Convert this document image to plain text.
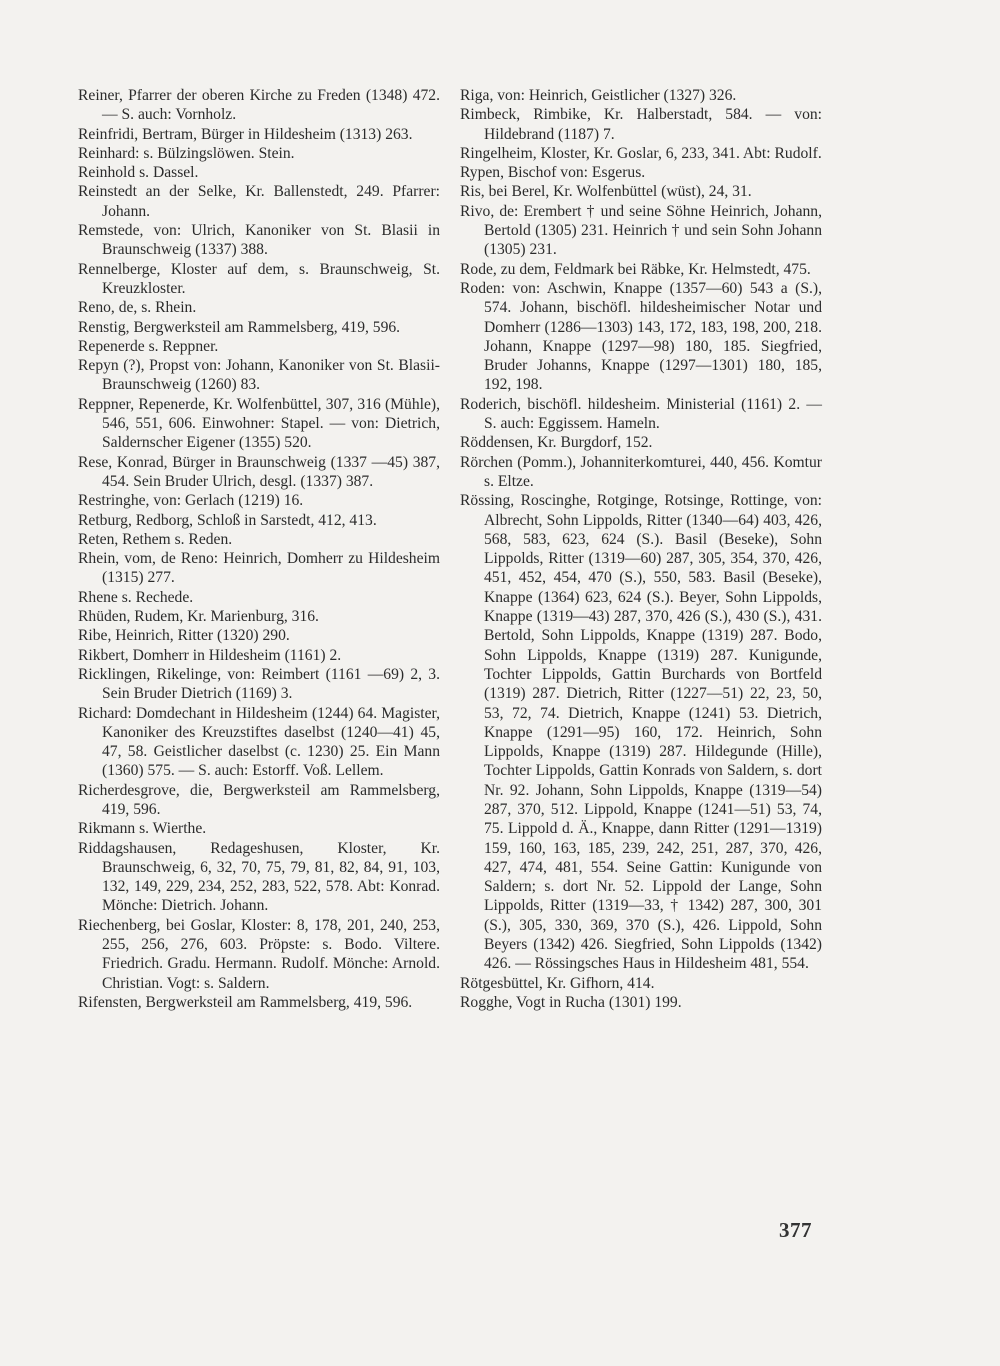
Reiner, Pfarrer der oberen Kirche zu Freden (1348) 472. — S. auch: Vornholz.

Reinfridi, Bertram, Bürger in Hildesheim (1313) 263.

Reinhard: s. Bülzingslöwen. Stein.

Reinhold s. Dassel.

Reinstedt an der Selke, Kr. Ballenstedt, 249. Pfarrer: Johann.

Remstede, von: Ulrich, Kanoniker von St. Blasii in Braunschweig (1337) 388.

Rennelberge, Kloster auf dem, s. Braunschweig, St. Kreuzkloster.

Reno, de, s. Rhein.

Renstig, Bergwerksteil am Rammelsberg, 419, 596.

Repenerde s. Reppner.

Repyn (?), Propst von: Johann, Kanoniker von St. Blasii-Braunschweig (1260) 83.

Reppner, Repenerde, Kr. Wolfenbüttel, 307, 316 (Mühle), 546, 551, 606. Einwohner: Stapel. — von: Dietrich, Saldernscher Eigener (1355) 520.

Rese, Konrad, Bürger in Braunschweig (1337 —45) 387, 454. Sein Bruder Ulrich, desgl. (1337) 387.

Restringhe, von: Gerlach (1219) 16.

Retburg, Redborg, Schloß in Sarstedt, 412, 413.

Reten, Rethem s. Reden.

Rhein, vom, de Reno: Heinrich, Domherr zu Hildesheim (1315) 277.

Rhene s. Rechede.

Rhüden, Rudem, Kr. Marienburg, 316.

Ribe, Heinrich, Ritter (1320) 290.

Rikbert, Domherr in Hildesheim (1161) 2.

Ricklingen, Rikelinge, von: Reimbert (1161 —69) 2, 3. Sein Bruder Dietrich (1169) 3.

Richard: Domdechant in Hildesheim (1244) 64. Magister, Kanoniker des Kreuzstiftes daselbst (1240—41) 45, 47, 58. Geistlicher daselbst (c. 1230) 25. Ein Mann (1360) 575. — S. auch: Estorff. Voß. Lellem.

Richerdesgrove, die, Bergwerksteil am Rammelsberg, 419, 596.

Rikmann s. Wierthe.

Riddagshausen, Redageshusen, Kloster, Kr. Braunschweig, 6, 32, 70, 75, 79, 81, 82, 84, 91, 103, 132, 149, 229, 234, 252, 283, 522, 578. Abt: Konrad. Mönche: Dietrich. Johann.

Riechenberg, bei Goslar, Kloster: 8, 178, 201, 240, 253, 255, 256, 276, 603. Pröpste: s. Bodo. Viltere. Friedrich. Gradu. Hermann. Rudolf. Mönche: Arnold. Christian. Vogt: s. Saldern.

Rifensten, Bergwerksteil am Rammelsberg, 419, 596.

Riga, von: Heinrich, Geistlicher (1327) 326.

Rimbeck, Rimbike, Kr. Halberstadt, 584. — von: Hildebrand (1187) 7.

Ringelheim, Kloster, Kr. Goslar, 6, 233, 341. Abt: Rudolf.

Rypen, Bischof von: Esgerus.

Ris, bei Berel, Kr. Wolfenbüttel (wüst), 24, 31.

Rivo, de: Erembert † und seine Söhne Heinrich, Johann, Bertold (1305) 231. Heinrich † und sein Sohn Johann (1305) 231.

Rode, zu dem, Feldmark bei Räbke, Kr. Helmstedt, 475.

Roden: von: Aschwin, Knappe (1357—60) 543 a (S.), 574. Johann, bischöfl. hildesheimischer Notar und Domherr (1286—1303) 143, 172, 183, 198, 200, 218. Johann, Knappe (1297—98) 180, 185. Siegfried, Bruder Johanns, Knappe (1297—1301) 180, 185, 192, 198.

Roderich, bischöfl. hildesheim. Ministerial (1161) 2. — S. auch: Eggissem. Hameln.

Röddensen, Kr. Burgdorf, 152.

Rörchen (Pomm.), Johanniterkomturei, 440, 456. Komtur s. Eltze.

Rössing, Roscinghe, Rotginge, Rotsinge, Rottinge, von: Albrecht, Sohn Lippolds, Ritter (1340—64) 403, 426, 568, 583, 623, 624 (S.). Basil (Beseke), Sohn Lippolds, Ritter (1319—60) 287, 305, 354, 370, 426, 451, 452, 454, 470 (S.), 550, 583. Basil (Beseke), Knappe (1364) 623, 624 (S.). Beyer, Sohn Lippolds, Knappe (1319—43) 287, 370, 426 (S.), 430 (S.), 431. Bertold, Sohn Lippolds, Knappe (1319) 287. Bodo, Sohn Lippolds, Knappe (1319) 287. Kunigunde, Tochter Lippolds, Gattin Burchards von Bortfeld (1319) 287. Dietrich, Ritter (1227—51) 22, 23, 50, 53, 72, 74. Dietrich, Knappe (1241) 53. Dietrich, Knappe (1291—95) 160, 172. Heinrich, Sohn Lippolds, Knappe (1319) 287. Hildegunde (Hille), Tochter Lippolds, Gattin Konrads von Saldern, s. dort Nr. 92. Johann, Sohn Lippolds, Knappe (1319—54) 287, 370, 512. Lippold, Knappe (1241—51) 53, 74, 75. Lippold d. Ä., Knappe, dann Ritter (1291—1319) 159, 160, 163, 185, 239, 242, 251, 287, 370, 426, 427, 474, 481, 554. Seine Gattin: Kunigunde von Saldern; s. dort Nr. 52. Lippold der Lange, Sohn Lippolds, Ritter (1319—33, † 1342) 287, 300, 301 (S.), 305, 330, 369, 370 (S.), 426. Lippold, Sohn Beyers (1342) 426. Siegfried, Sohn Lippolds (1342) 426. — Rössingsches Haus in Hildesheim 481, 554.

Rötgesbüttel, Kr. Gifhorn, 414.

Rogghe, Vogt in Rucha (1301) 199.

377
